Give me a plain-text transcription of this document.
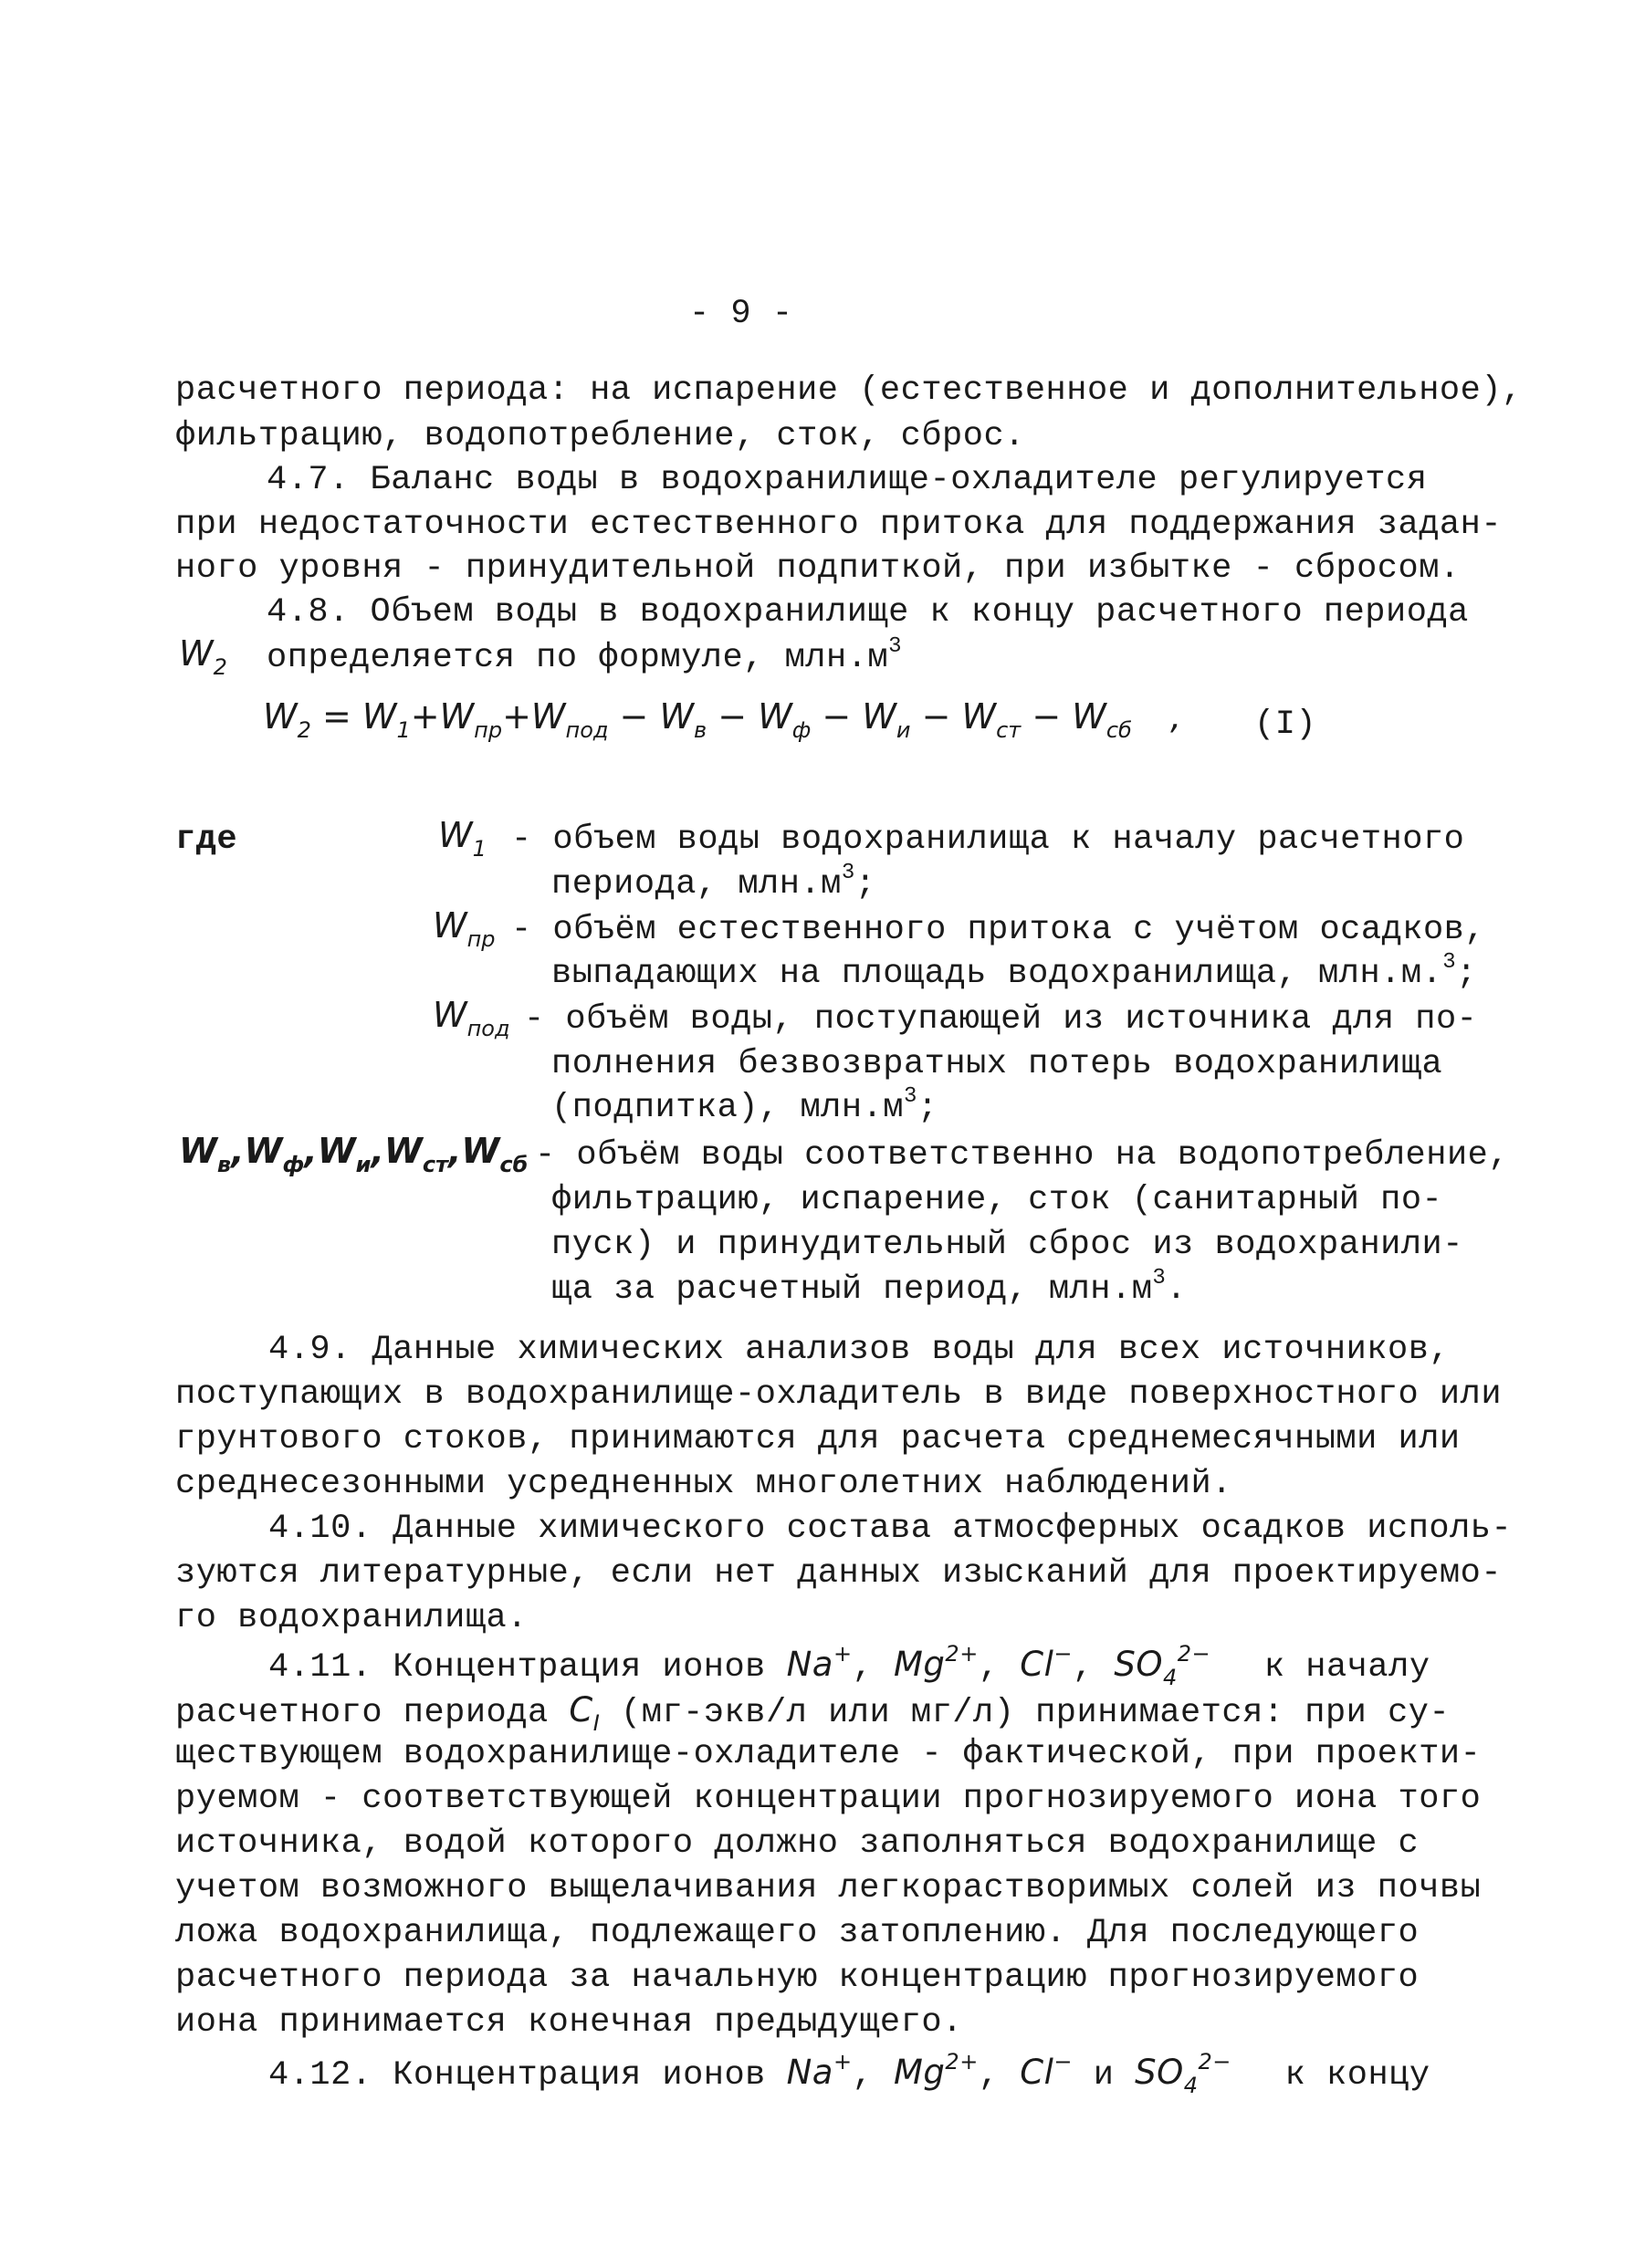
- 9 -
расчетного периода: на испарение (естественное и дополнительное),
фильтрацию, водопотребление, сток, сброс.
4.7. Баланс воды в водохранилище-охладителе регулируется
при недостаточности естественного притока для поддержания задан-
ного уровня - принудительной подпиткой, при избытке - сбросом.
4.8. Объем воды в водохранилище к концу расчетного периода
$W_2$ определяется по формуле, $млн.м^3$
$W_2 = W_1+W_{пр}+W_{под} - W_в - W_ф - W_и - W_{ст} - W_{сб}$ , (I)
где	$W_1$ - объем воды водохранилища к началу расчетного
периода, $млн.м^3$;
$W_{пр}$ - объём естественного притока с учётом осадков,
выпадающих на площадь водохранилища, млн.м.$^3$;
$W_{под}$ - объём воды, поступающей из источника для по-
полнения безвозвратных потерь водохранилища
(подпитка), $млн.м^3$;
$W_в,W_ф,W_и,W_{ст},W_{сб}$ - объём воды соответственно на водопотребление,
фильтрацию, испарение, сток (санитарный по-
пуск) и принудительный сброс из водохранили-
ща за расчетный период, $млн.м^3$.
4.9. Данные химических анализов воды для всех источников,
поступающих в водохранилище-охладитель в виде поверхностного или
грунтового стоков, принимаются для расчета среднемесячными или
среднесезонными усредненных многолетних наблюдений.
4.10. Данные химического состава атмосферных осадков исполь-
зуются литературные, если нет данных изысканий для проектируемо-
го водохранилища.
4.11. Концентрация ионов Na+, $Mg^{2+}$, Cl−, $SO_4^{2-}$ к началу
расчетного периода $C_I$ (мг-экв/л или мг/л) принимается: при су-
ществующем водохранилище-охладителе - фактической, при проекти-
руемом - соответствующей концентрации прогнозируемого иона того
источника, водой которого должно заполняться водохранилище с
учетом возможного выщелачивания легкорастворимых солей из почвы
ложа водохранилища, подлежащего затоплению. Для последующего
расчетного периода за начальную концентрацию прогнозируемого
иона принимается конечная предыдущего.
4.12. Концентрация ионов Na+, $Mg^{2+}$, Cl− и $SO_4^{2-}$ к концу
